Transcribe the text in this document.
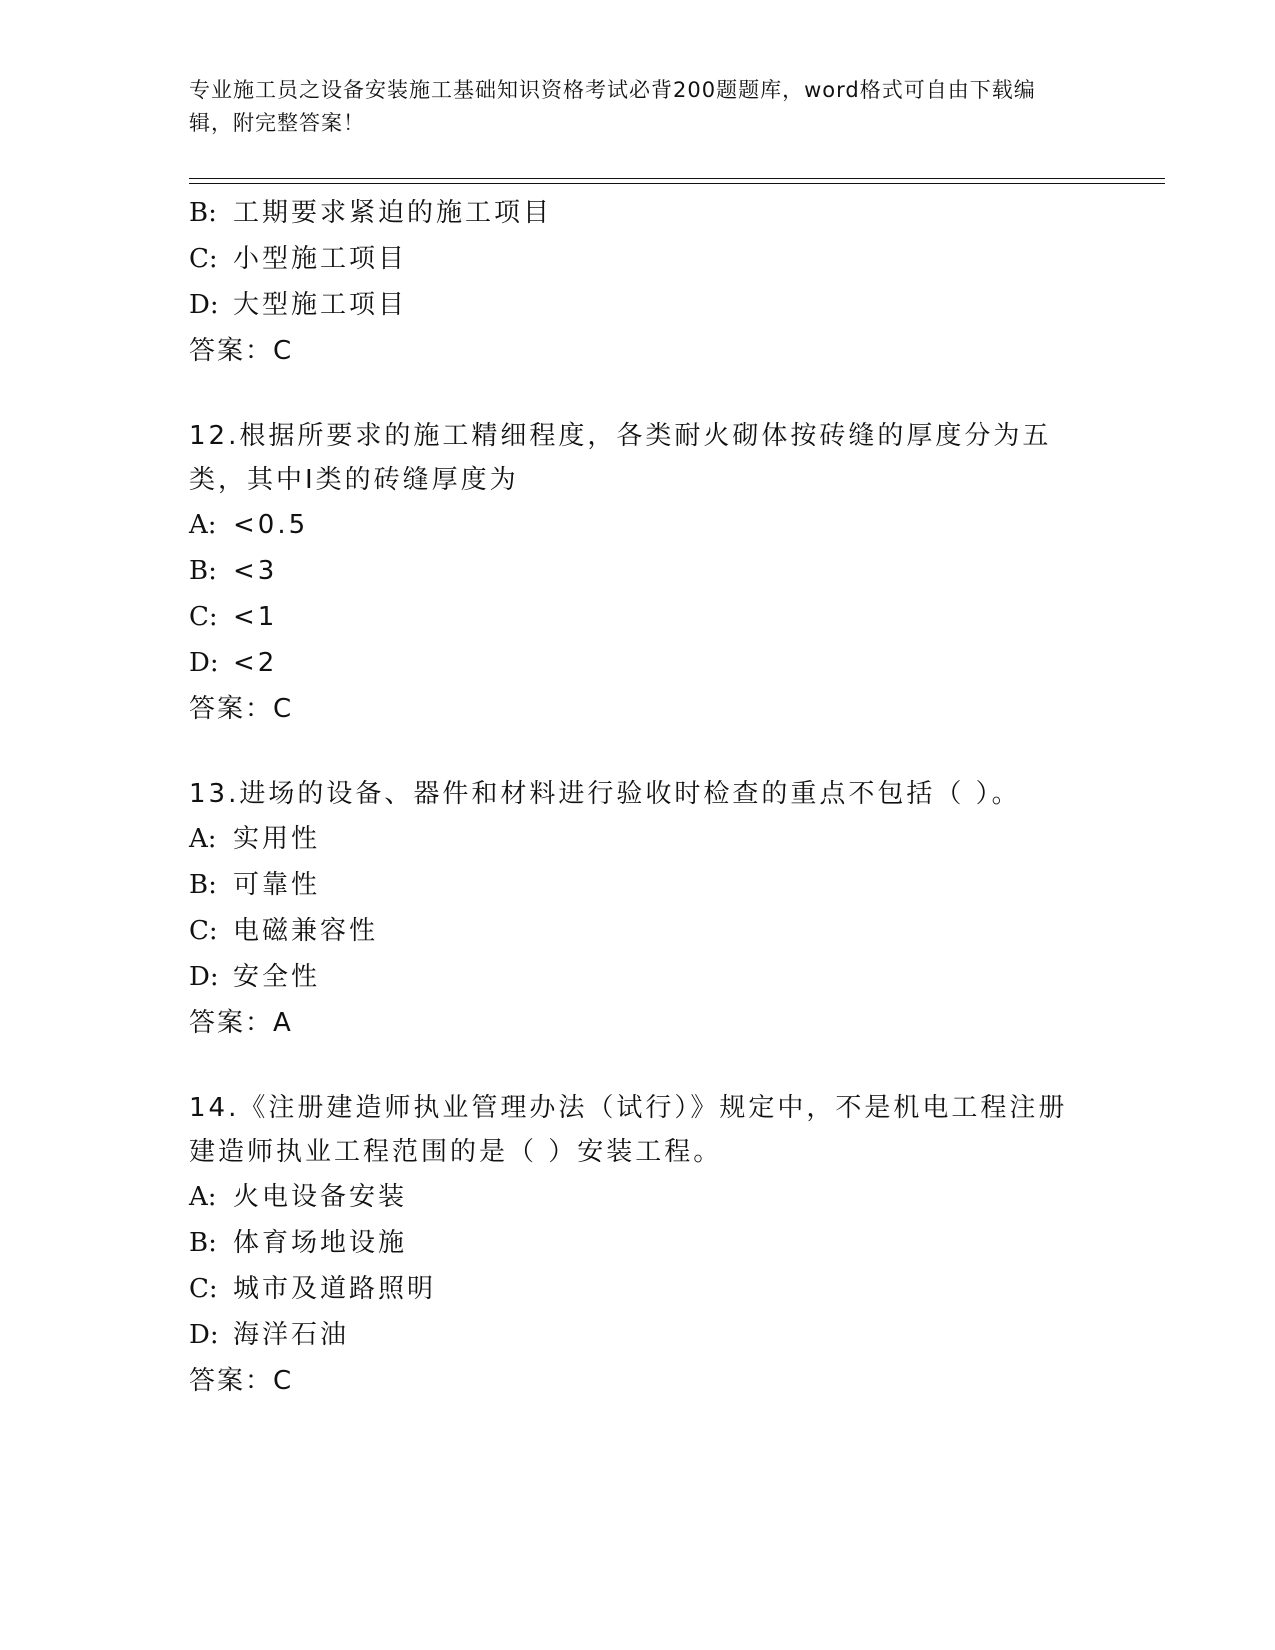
专业施工员之设备安装施工基础知识资格考试必背200题题库，word格式可自由下载编辑，附完整答案！
B: 工期要求紧迫的施工项目
C: 小型施工项目
D: 大型施工项目
答案：C
12.根据所要求的施工精细程度，各类耐火砌体按砖缝的厚度分为五类，其中Ⅰ类的砖缝厚度为
A: <0.5
B: <3
C: <1
D: <2
答案：C
13.进场的设备、器件和材料进行验收时检查的重点不包括（ ）。
A: 实用性
B: 可靠性
C: 电磁兼容性
D: 安全性
答案：A
14.《注册建造师执业管理办法（试行）》规定中，不是机电工程注册建造师执业工程范围的是（ ）安装工程。
A: 火电设备安装
B: 体育场地设施
C: 城市及道路照明
D: 海洋石油
答案：C
